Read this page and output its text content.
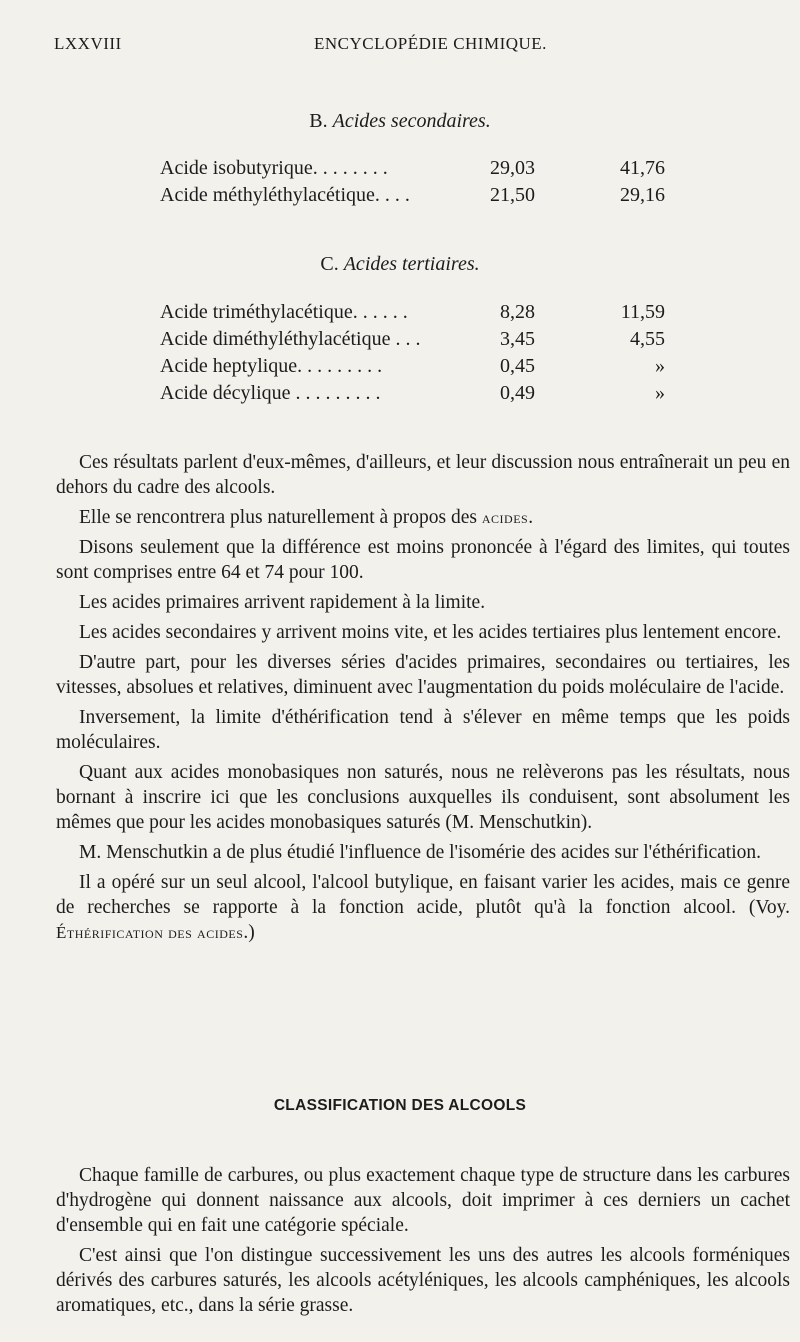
LXXVIII	ENCYCLOPÉDIE CHIMIQUE.
B. Acides secondaires.
Acide isobutyrique. . . . . . . .	29,03	41,76
Acide méthyléthylacétique. . . .	21,50	29,16
C. Acides tertiaires.
Acide triméthylacétique. . . . . .	8,28	11,59
Acide diméthyléthylacétique . . .	3,45	4,55
Acide heptylique. . . . . . . . .	0,45	»
Acide décylique . . . . . . . . .	0,49	»

Ces résultats parlent d'eux-mêmes, d'ailleurs, et leur discussion nous entraînerait un peu en dehors du cadre des alcools.

Elle se rencontrera plus naturellement à propos des acides.

Disons seulement que la différence est moins prononcée à l'égard des limites, qui toutes sont comprises entre 64 et 74 pour 100.

Les acides primaires arrivent rapidement à la limite.

Les acides secondaires y arrivent moins vite, et les acides tertiaires plus lentement encore.

D'autre part, pour les diverses séries d'acides primaires, secondaires ou tertiaires, les vitesses, absolues et relatives, diminuent avec l'augmentation du poids moléculaire de l'acide.

Inversement, la limite d'éthérification tend à s'élever en même temps que les poids moléculaires.

Quant aux acides monobasiques non saturés, nous ne relèverons pas les résultats, nous bornant à inscrire ici que les conclusions auxquelles ils conduisent, sont absolument les mêmes que pour les acides monobasiques saturés (M. Menschutkin).

M. Menschutkin a de plus étudié l'influence de l'isomérie des acides sur l'éthérification.

Il a opéré sur un seul alcool, l'alcool butylique, en faisant varier les acides, mais ce genre de recherches se rapporte à la fonction acide, plutôt qu'à la fonction alcool. (Voy. Éthérification des acides.)

CLASSIFICATION DES ALCOOLS

Chaque famille de carbures, ou plus exactement chaque type de structure dans les carbures d'hydrogène qui donnent naissance aux alcools, doit imprimer à ces derniers un cachet d'ensemble qui en fait une catégorie spéciale.

C'est ainsi que l'on distingue successivement les uns des autres les alcools forméniques dérivés des carbures saturés, les alcools acétyléniques, les alcools camphéniques, les alcools aromatiques, etc., dans la série grasse.
